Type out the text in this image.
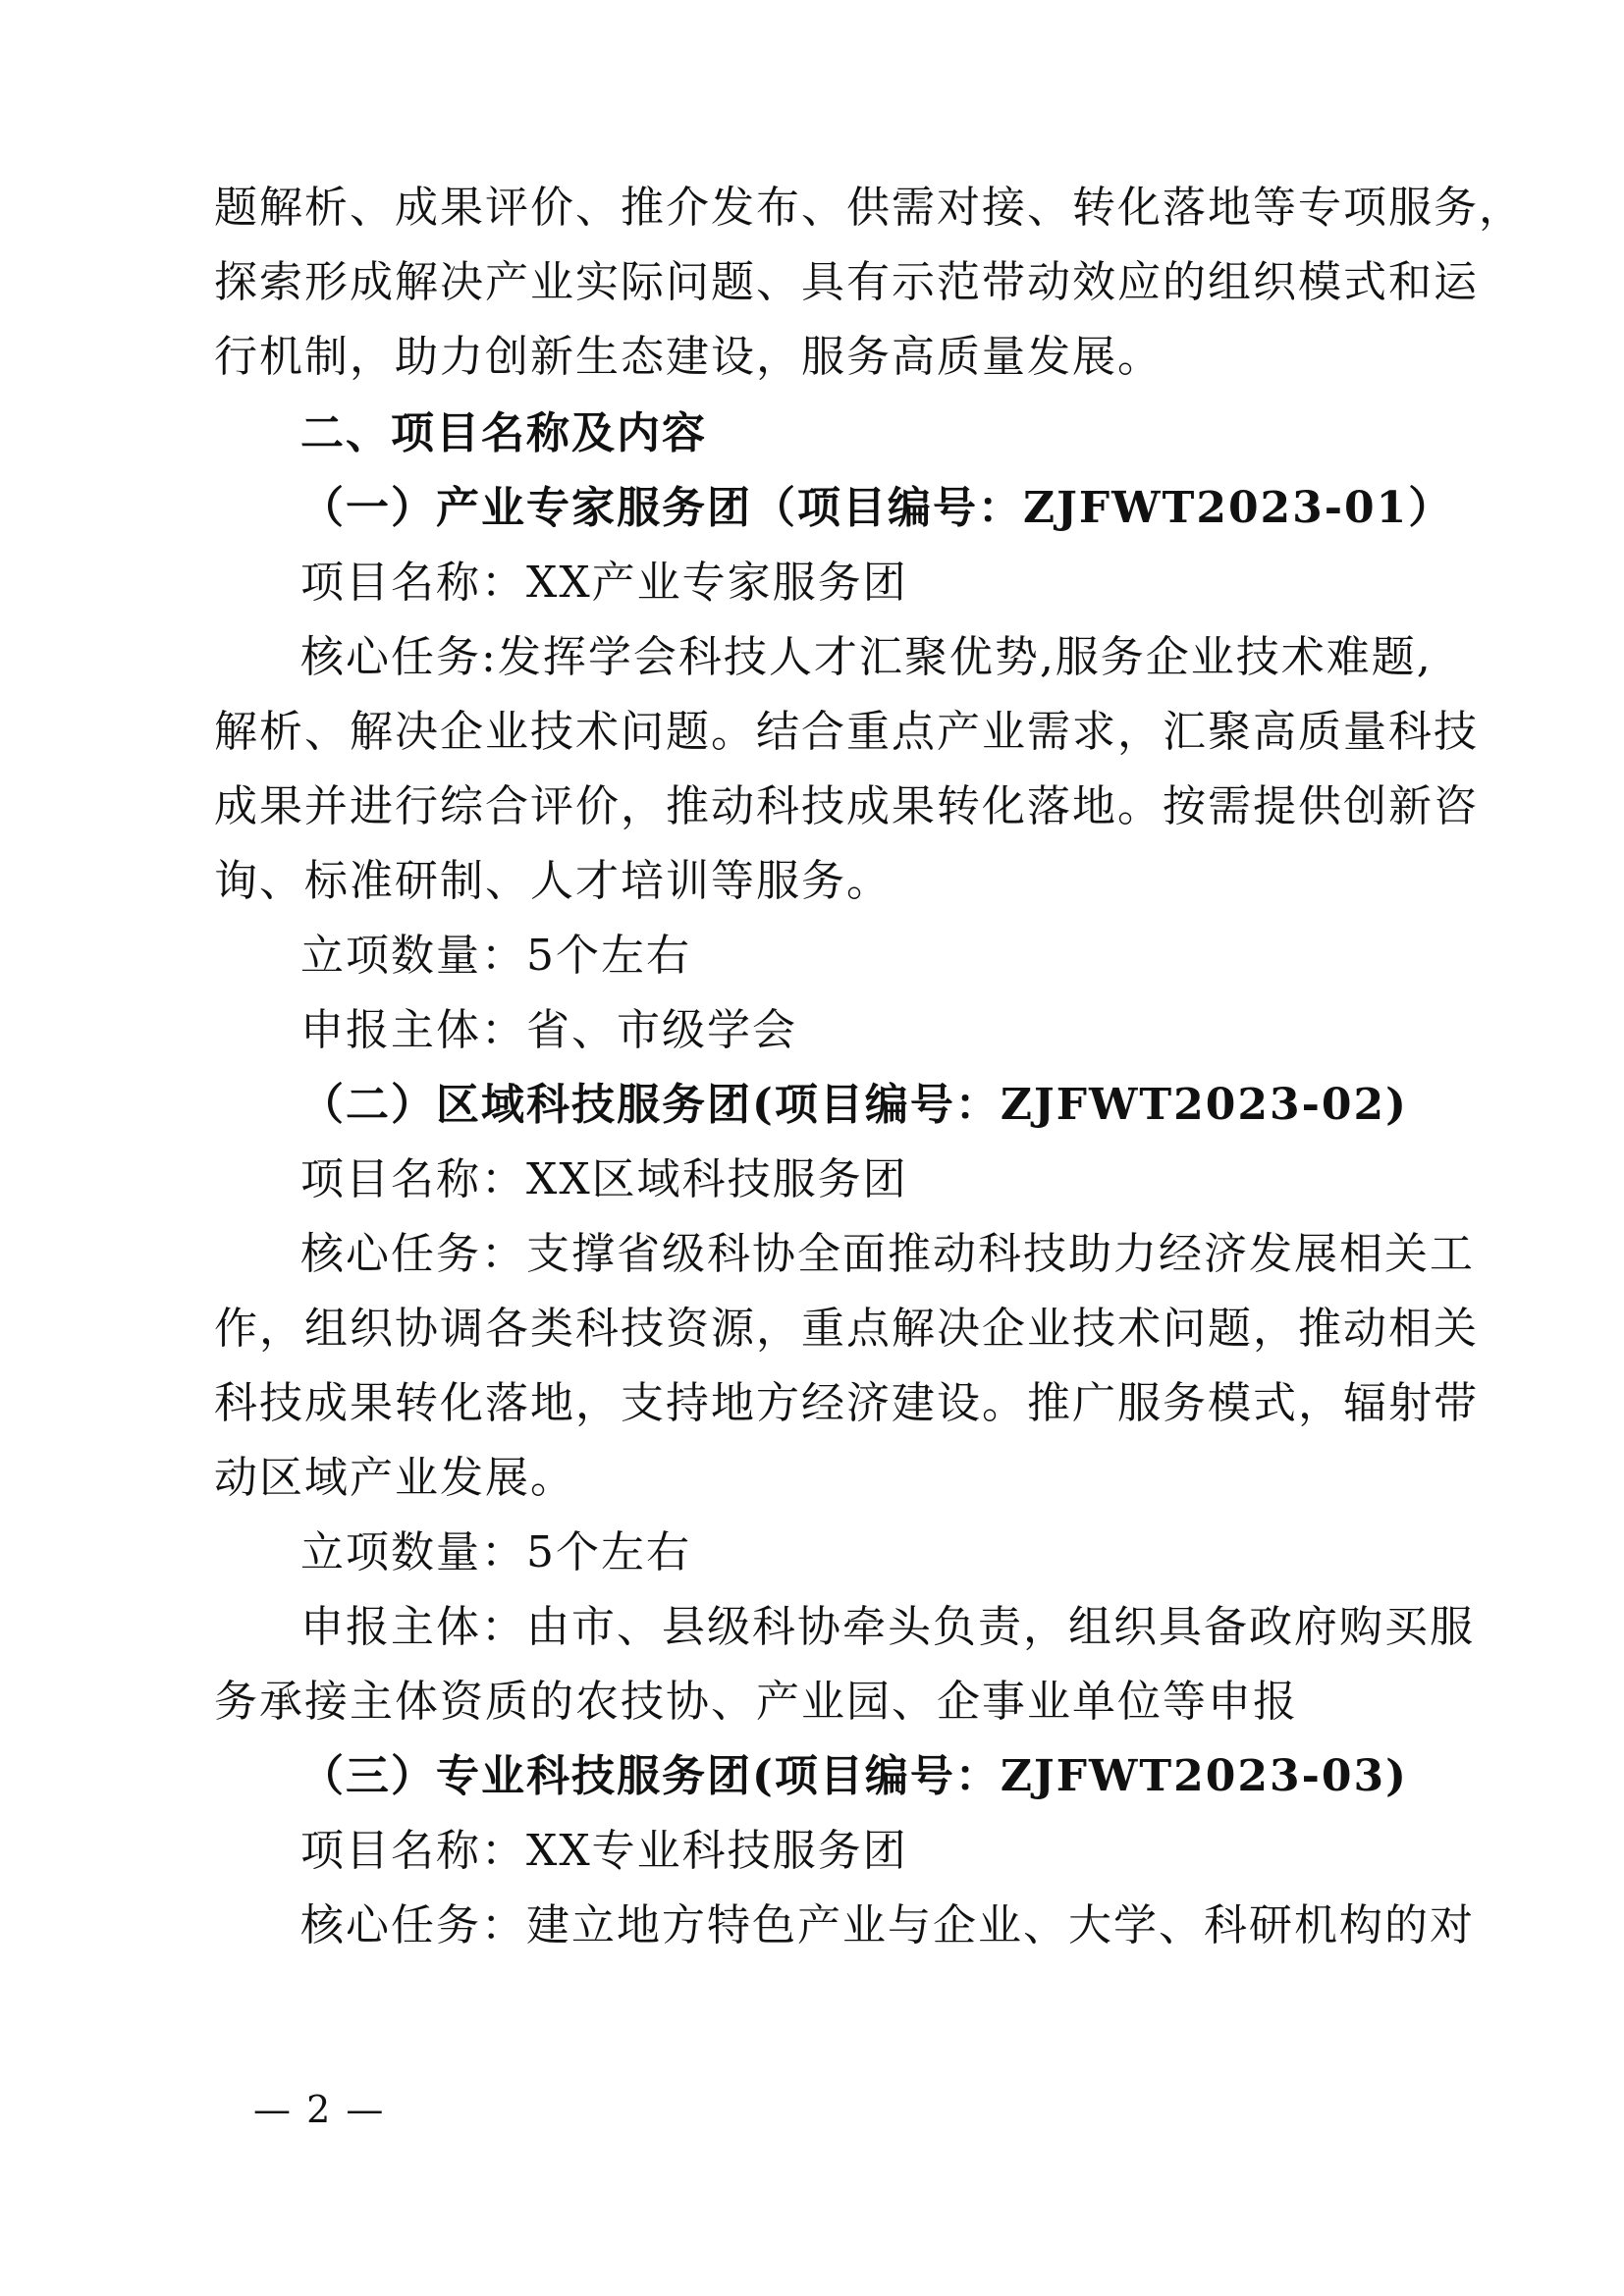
题解析、成果评价、推介发布、供需对接、转化落地等专项服务，
探索形成解决产业实际问题、具有示范带动效应的组织模式和运
行机制，助力创新生态建设，服务高质量发展。
二、项目名称及内容
（一）产业专家服务团（项目编号：ZJFWT2023-01）
项目名称：XX产业专家服务团
核心任务:发挥学会科技人才汇聚优势,服务企业技术难题,
解析、解决企业技术问题。结合重点产业需求，汇聚高质量科技
成果并进行综合评价，推动科技成果转化落地。按需提供创新咨
询、标准研制、人才培训等服务。
立项数量：5个左右
申报主体：省、市级学会
（二）区域科技服务团(项目编号：ZJFWT2023-02)
项目名称：XX区域科技服务团
核心任务：支撑省级科协全面推动科技助力经济发展相关工
作，组织协调各类科技资源，重点解决企业技术问题，推动相关
科技成果转化落地，支持地方经济建设。推广服务模式，辐射带
动区域产业发展。
立项数量：5个左右
申报主体：由市、县级科协牵头负责，组织具备政府购买服
务承接主体资质的农技协、产业园、企事业单位等申报
（三）专业科技服务团(项目编号：ZJFWT2023-03)
项目名称：XX专业科技服务团
核心任务：建立地方特色产业与企业、大学、科研机构的对
— 2 —
